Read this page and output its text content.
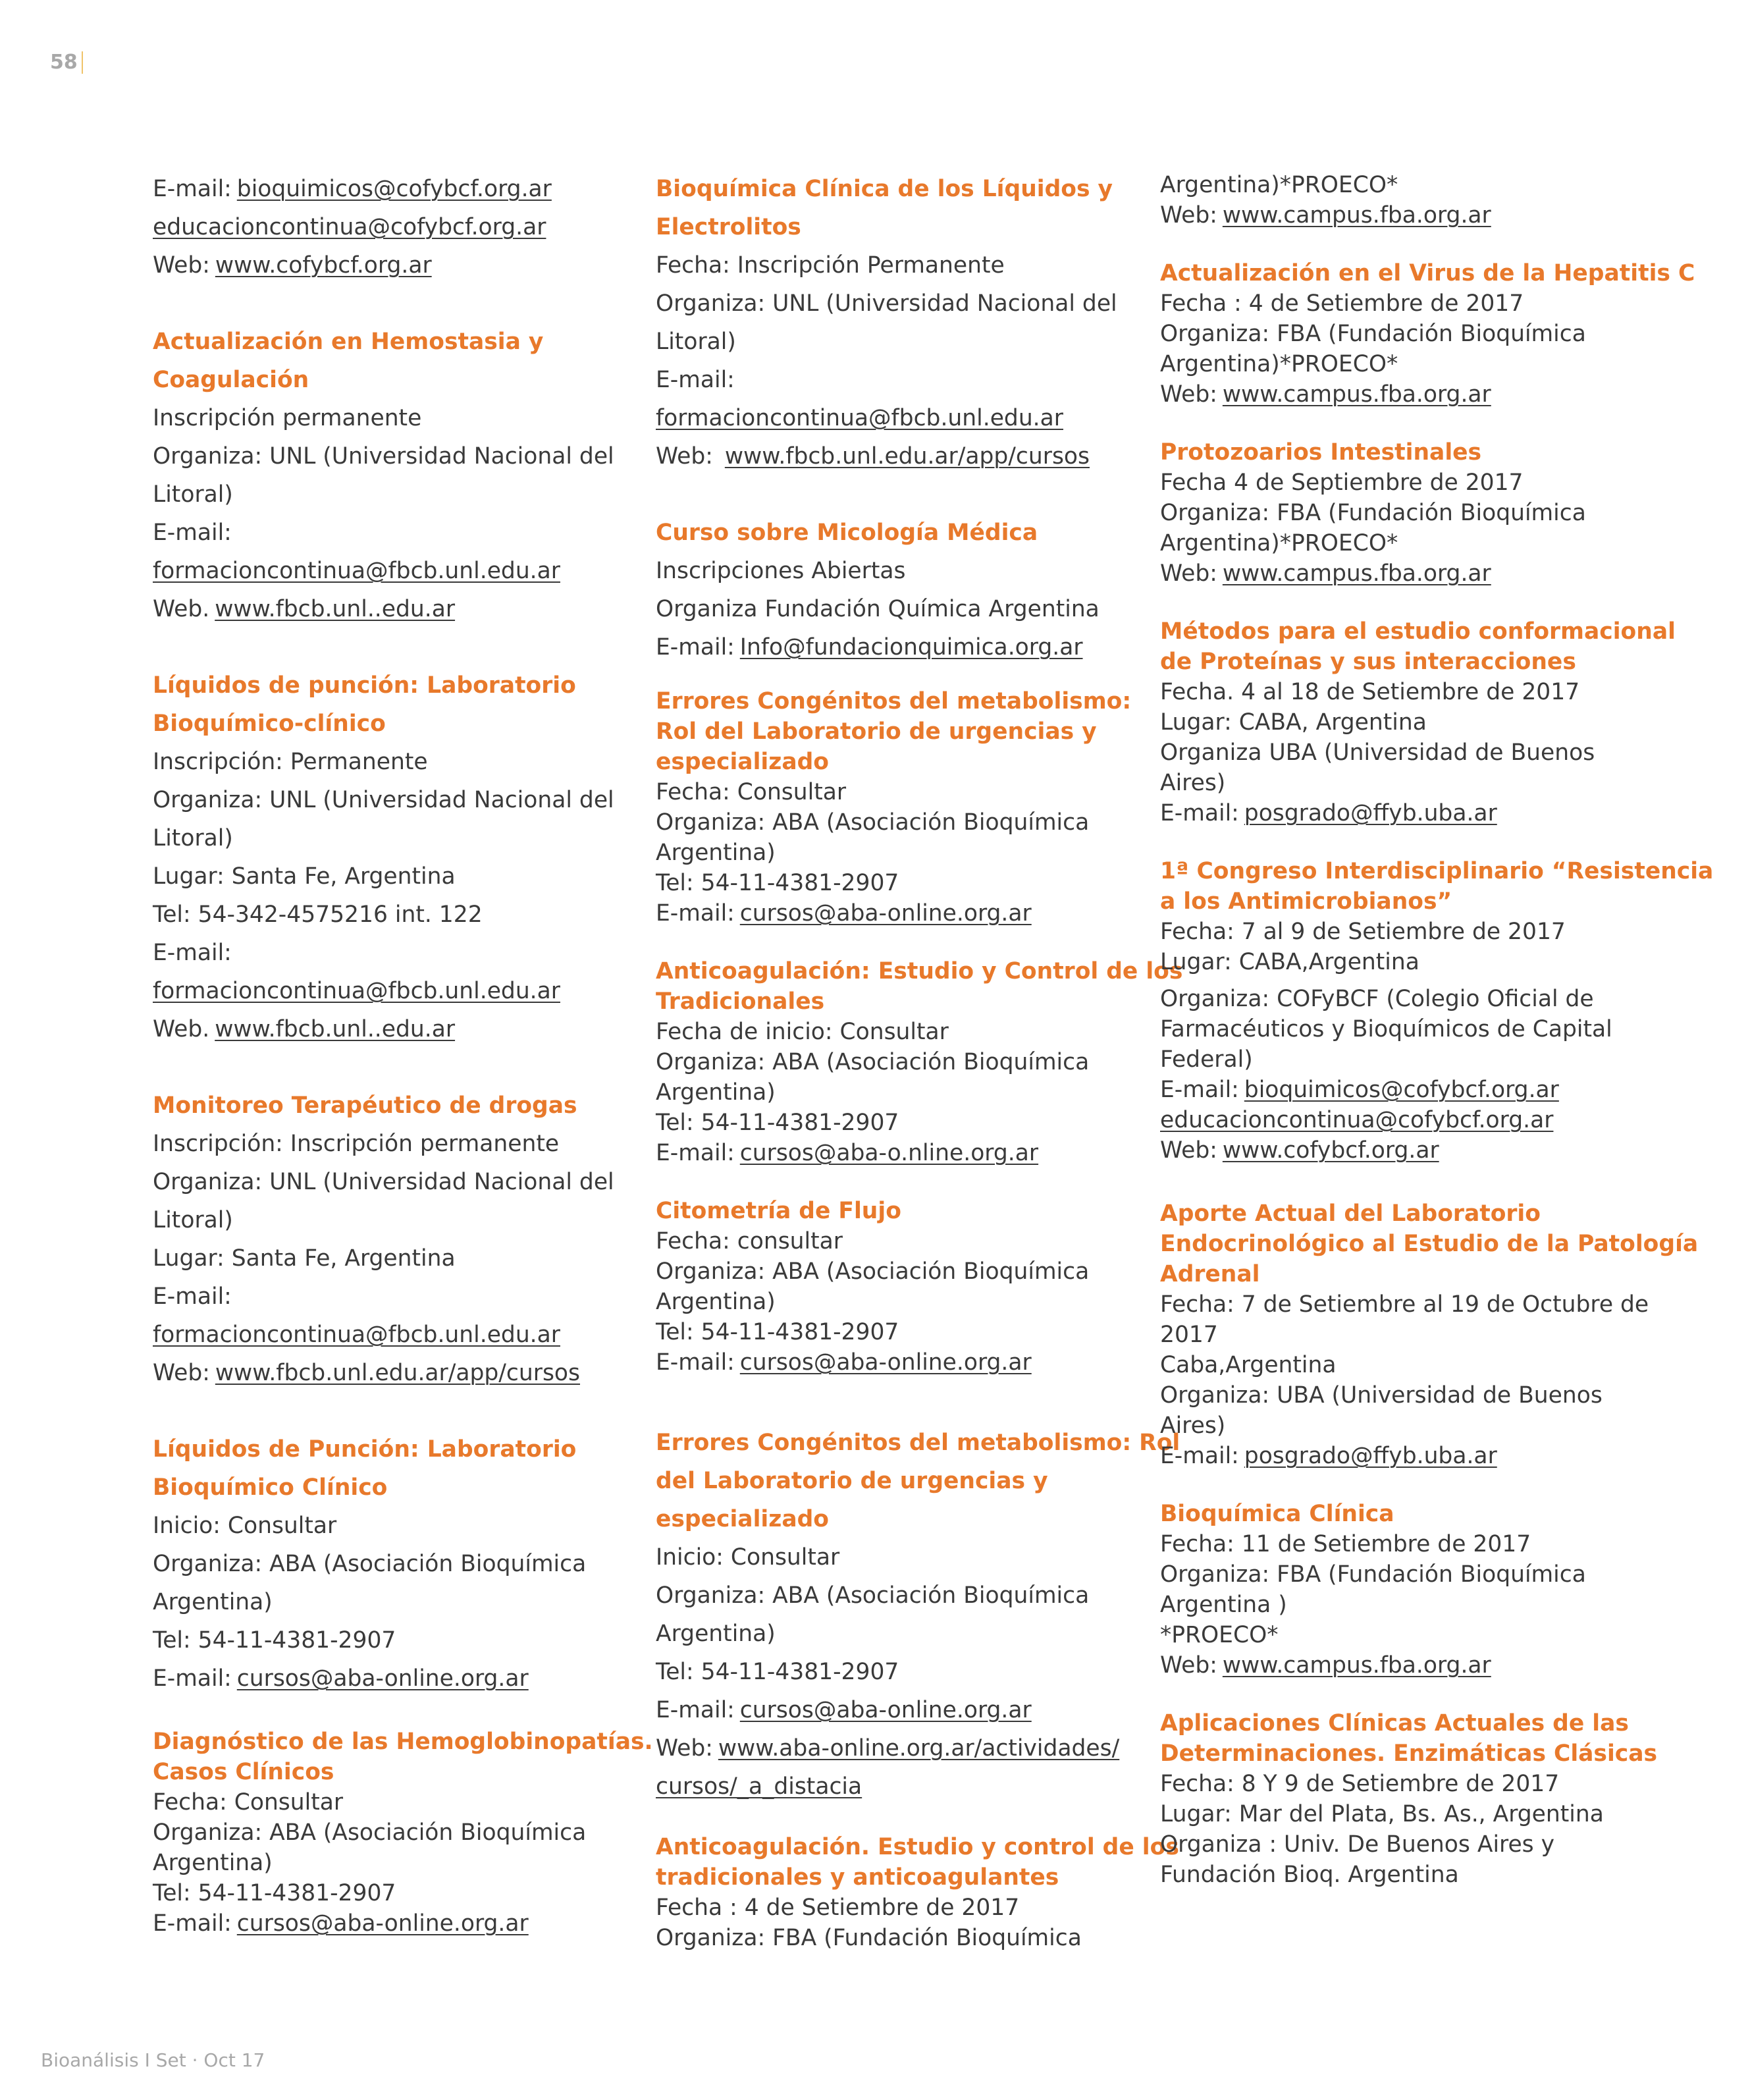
58

E-mail: bioquimicos@cofybcf.org.ar

educacioncontinua@cofybcf.org.ar

Web: www.cofybcf.org.ar

Actualización en Hemostasia y

Coagulación

Inscripción permanente

Organiza: UNL (Universidad Nacional del

Litoral)

E-mail:

formacioncontinua@fbcb.unl.edu.ar

Web. www.fbcb.unl..edu.ar

Líquidos de punción: Laboratorio

Bioquímico-clínico

Inscripción: Permanente

Organiza: UNL (Universidad Nacional del

Litoral)

Lugar: Santa Fe, Argentina

Tel: 54-342-4575216 int. 122

E-mail:

formacioncontinua@fbcb.unl.edu.ar

Web. www.fbcb.unl..edu.ar

Monitoreo Terapéutico de drogas

Inscripción: Inscripción permanente

Organiza: UNL (Universidad Nacional del

Litoral)

Lugar: Santa Fe, Argentina

E-mail:

formacioncontinua@fbcb.unl.edu.ar

Web: www.fbcb.unl.edu.ar/app/cursos

Líquidos de Punción: Laboratorio

Bioquímico Clínico

Inicio: Consultar

Organiza: ABA (Asociación Bioquímica

Argentina)

Tel: 54-11-4381-2907

E-mail: cursos@aba-online.org.ar

Diagnóstico de las Hemoglobinopatías.

Casos Clínicos

Fecha: Consultar

Organiza: ABA (Asociación Bioquímica

Argentina)

Tel: 54-11-4381-2907

E-mail: cursos@aba-online.org.ar

Bioquímica Clínica de los Líquidos y

Electrolitos

Fecha: Inscripción Permanente

Organiza: UNL (Universidad Nacional del

Litoral)

E-mail:

formacioncontinua@fbcb.unl.edu.ar

Web: www.fbcb.unl.edu.ar/app/cursos

Curso sobre Micología Médica

Inscripciones Abiertas

Organiza Fundación Química Argentina

E-mail: Info@fundacionquimica.org.ar

Errores Congénitos del metabolismo:

Rol del Laboratorio de urgencias y

especializado

Fecha: Consultar

Organiza: ABA (Asociación Bioquímica

Argentina)

Tel: 54-11-4381-2907

E-mail: cursos@aba-online.org.ar

Anticoagulación: Estudio y Control de los

Tradicionales

Fecha de inicio: Consultar

Organiza: ABA (Asociación Bioquímica

Argentina)

Tel: 54-11-4381-2907

E-mail: cursos@aba-o.nline.org.ar

Citometría de Flujo

Fecha: consultar

Organiza: ABA (Asociación Bioquímica

Argentina)

Tel: 54-11-4381-2907

E-mail: cursos@aba-online.org.ar

Errores Congénitos del metabolismo: Rol

del Laboratorio de urgencias y

especializado

Inicio: Consultar

Organiza: ABA (Asociación Bioquímica

Argentina)

Tel: 54-11-4381-2907

E-mail: cursos@aba-online.org.ar

Web: www.aba-online.org.ar/actividades/

cursos/_a_distacia

Anticoagulación. Estudio y control de los

tradicionales y anticoagulantes

Fecha : 4 de Setiembre de 2017

Organiza: FBA (Fundación Bioquímica

Argentina)*PROECO*

Web: www.campus.fba.org.ar

Actualización en el Virus de la Hepatitis C

Fecha : 4 de Setiembre de 2017

Organiza: FBA (Fundación Bioquímica

Argentina)*PROECO*

Web: www.campus.fba.org.ar

Protozoarios Intestinales

Fecha 4 de Septiembre de 2017

Organiza: FBA (Fundación Bioquímica

Argentina)*PROECO*

Web: www.campus.fba.org.ar

Métodos para el estudio conformacional

de Proteínas y sus interacciones

Fecha. 4 al 18 de Setiembre de 2017

Lugar: CABA, Argentina

Organiza UBA (Universidad de Buenos

Aires)

E-mail: posgrado@ffyb.uba.ar

1ª Congreso Interdisciplinario “Resistencia

a los Antimicrobianos”

Fecha: 7 al 9 de Setiembre de 2017

Lugar: CABA,Argentina

Organiza: COFyBCF (Colegio Oficial de

Farmacéuticos y Bioquímicos de Capital

Federal)

E-mail: bioquimicos@cofybcf.org.ar

educacioncontinua@cofybcf.org.ar

Web: www.cofybcf.org.ar

Aporte Actual del Laboratorio

Endocrinológico al Estudio de la Patología

Adrenal

Fecha: 7 de Setiembre al 19 de Octubre de

2017

Caba,Argentina

Organiza: UBA (Universidad de Buenos

Aires)

E-mail: posgrado@ffyb.uba.ar

Bioquímica Clínica

Fecha: 11 de Setiembre de 2017

Organiza: FBA (Fundación Bioquímica

Argentina )

*PROECO*

Web: www.campus.fba.org.ar

Aplicaciones Clínicas Actuales de las

Determinaciones. Enzimáticas Clásicas

Fecha: 8 Y 9 de Setiembre de 2017

Lugar: Mar del Plata, Bs. As., Argentina

Organiza : Univ. De Buenos Aires y

Fundación Bioq. Argentina

Bioanálisis I Set · Oct 17
